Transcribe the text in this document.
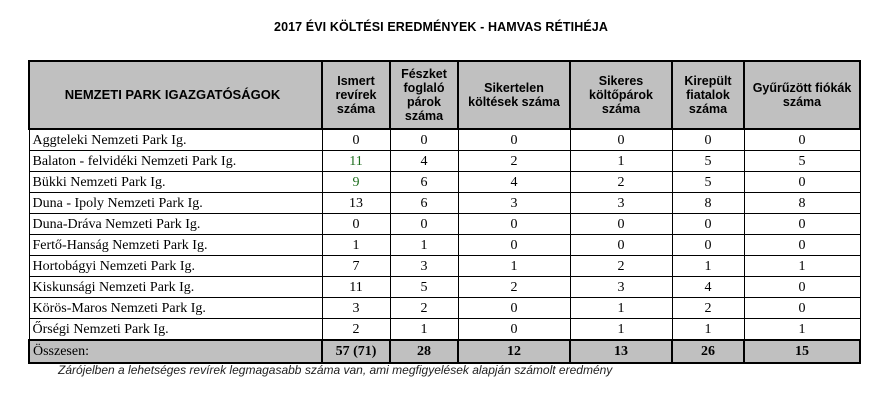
2017 ÉVI KÖLTÉSI EREDMÉNYEK - HAMVAS RÉTIHÉJA
NEMZETI PARK IGAZGATÓSÁGOK	Ismert revírek száma	Fészket foglaló párok száma	Sikertelen költések száma	Sikeres költőpárok száma	Kirepült fiatalok száma	Gyűrűzött fiókák száma
Aggteleki Nemzeti Park Ig.	0	0	0	0	0	0
Balaton - felvidéki Nemzeti Park Ig.	11	4	2	1	5	5
Bükki Nemzeti Park Ig.	9	6	4	2	5	0
Duna - Ipoly Nemzeti Park Ig.	13	6	3	3	8	8
Duna-Dráva Nemzeti Park Ig.	0	0	0	0	0	0
Fertő-Hanság Nemzeti Park Ig.	1	1	0	0	0	0
Hortobágyi Nemzeti Park Ig.	7	3	1	2	1	1
Kiskunsági Nemzeti Park Ig.	11	5	2	3	4	0
Körös-Maros Nemzeti Park Ig.	3	2	0	1	2	0
Őrségi Nemzeti Park Ig.	2	1	0	1	1	1
Összesen:	57 (71)	28	12	13	26	15
Zárójelben a lehetséges revírek legmagasabb száma van, ami megfigyelések alapján számolt eredmény
